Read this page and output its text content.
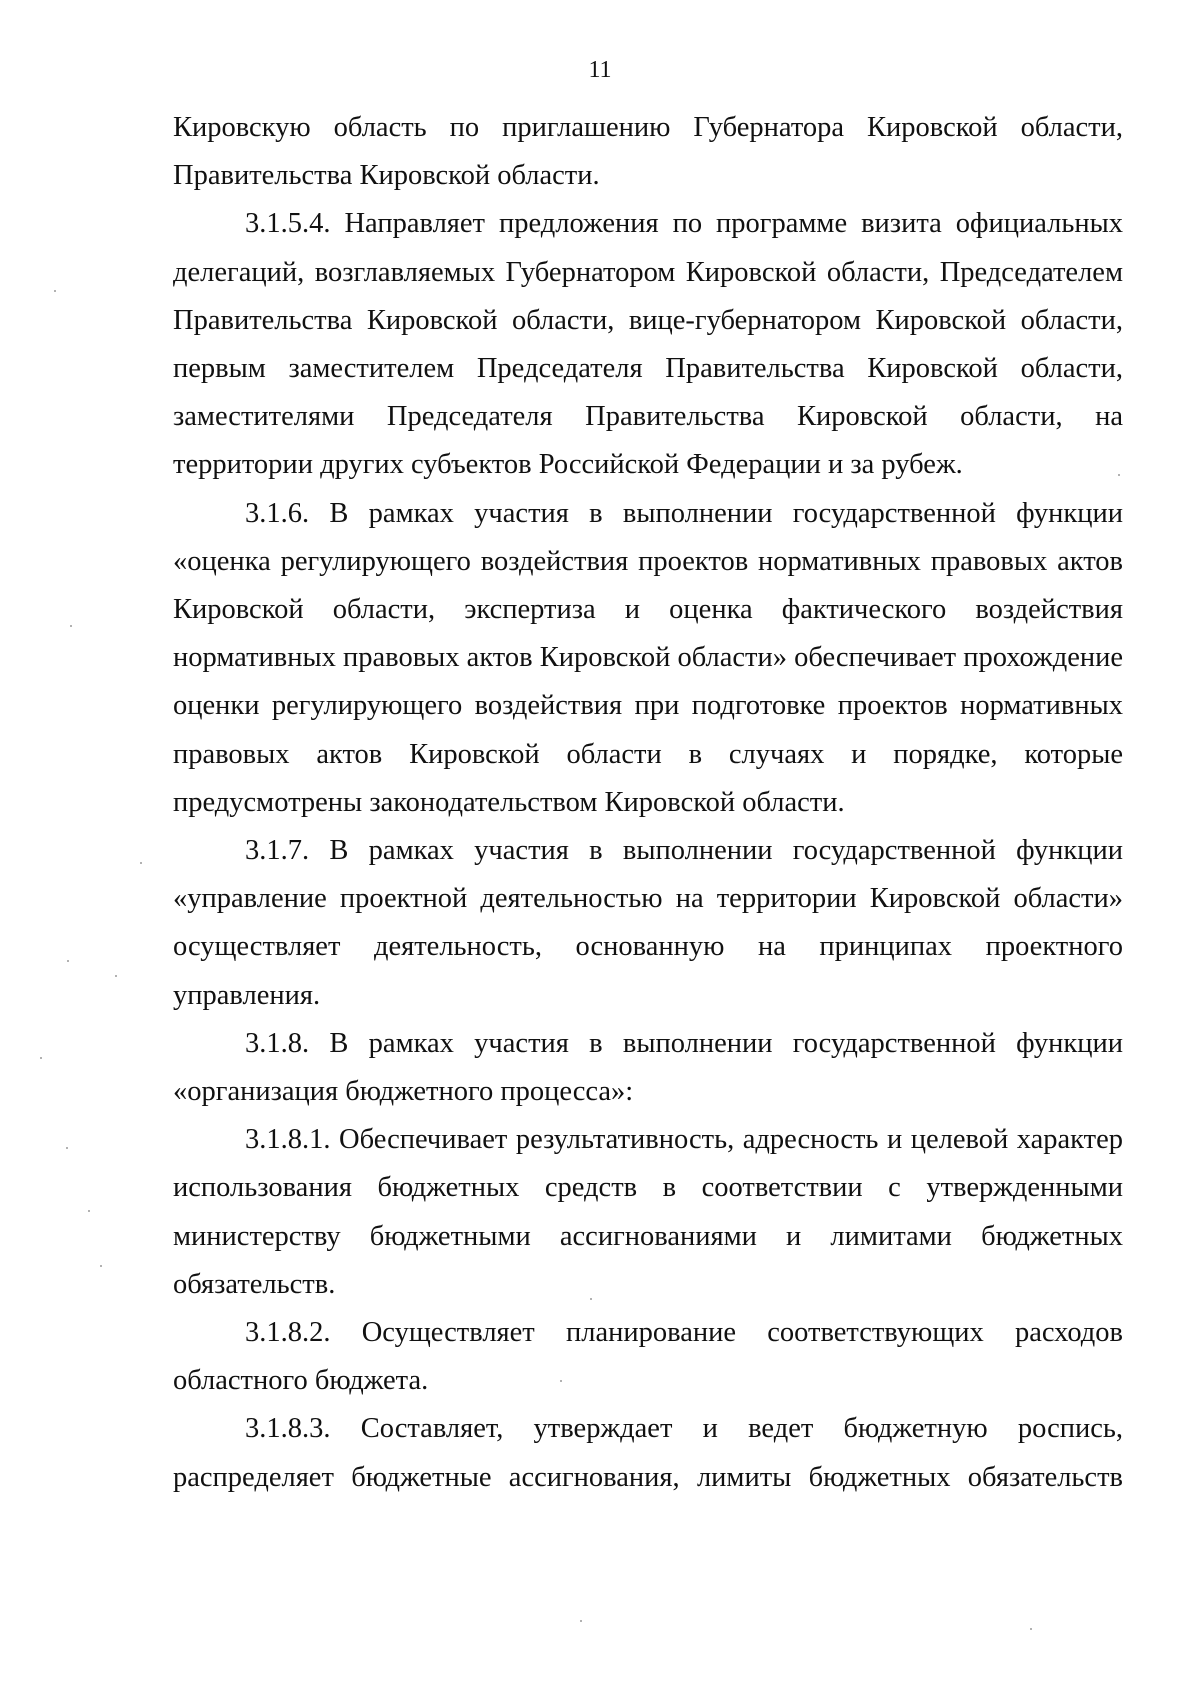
11

Кировскую область по приглашению Губернатора Кировской области, Правительства Кировской области.

3.1.5.4. Направляет предложения по программе визита официальных делегаций, возглавляемых Губернатором Кировской области, Председателем Правительства Кировской области, вице-губернатором Кировской области, первым заместителем Председателя Правительства Кировской области, заместителями Председателя Правительства Кировской области, на территории других субъектов Российской Федерации и за рубеж.

3.1.6. В рамках участия в выполнении государственной функции «оценка регулирующего воздействия проектов нормативных правовых актов Кировской области, экспертиза и оценка фактического воздействия нормативных правовых актов Кировской области» обеспечивает прохождение оценки регулирующего воздействия при подготовке проектов нормативных правовых актов Кировской области в случаях и порядке, которые предусмотрены законодательством Кировской области.

3.1.7. В рамках участия в выполнении государственной функции «управление проектной деятельностью на территории Кировской области» осуществляет деятельность, основанную на принципах проектного управления.

3.1.8. В рамках участия в выполнении государственной функции «организация бюджетного процесса»:

3.1.8.1. Обеспечивает результативность, адресность и целевой характер использования бюджетных средств в соответствии с утвержденными министерству бюджетными ассигнованиями и лимитами бюджетных обязательств.

3.1.8.2. Осуществляет планирование соответствующих расходов областного бюджета.

3.1.8.3. Составляет, утверждает и ведет бюджетную роспись, распределяет бюджетные ассигнования, лимиты бюджетных обязательств
